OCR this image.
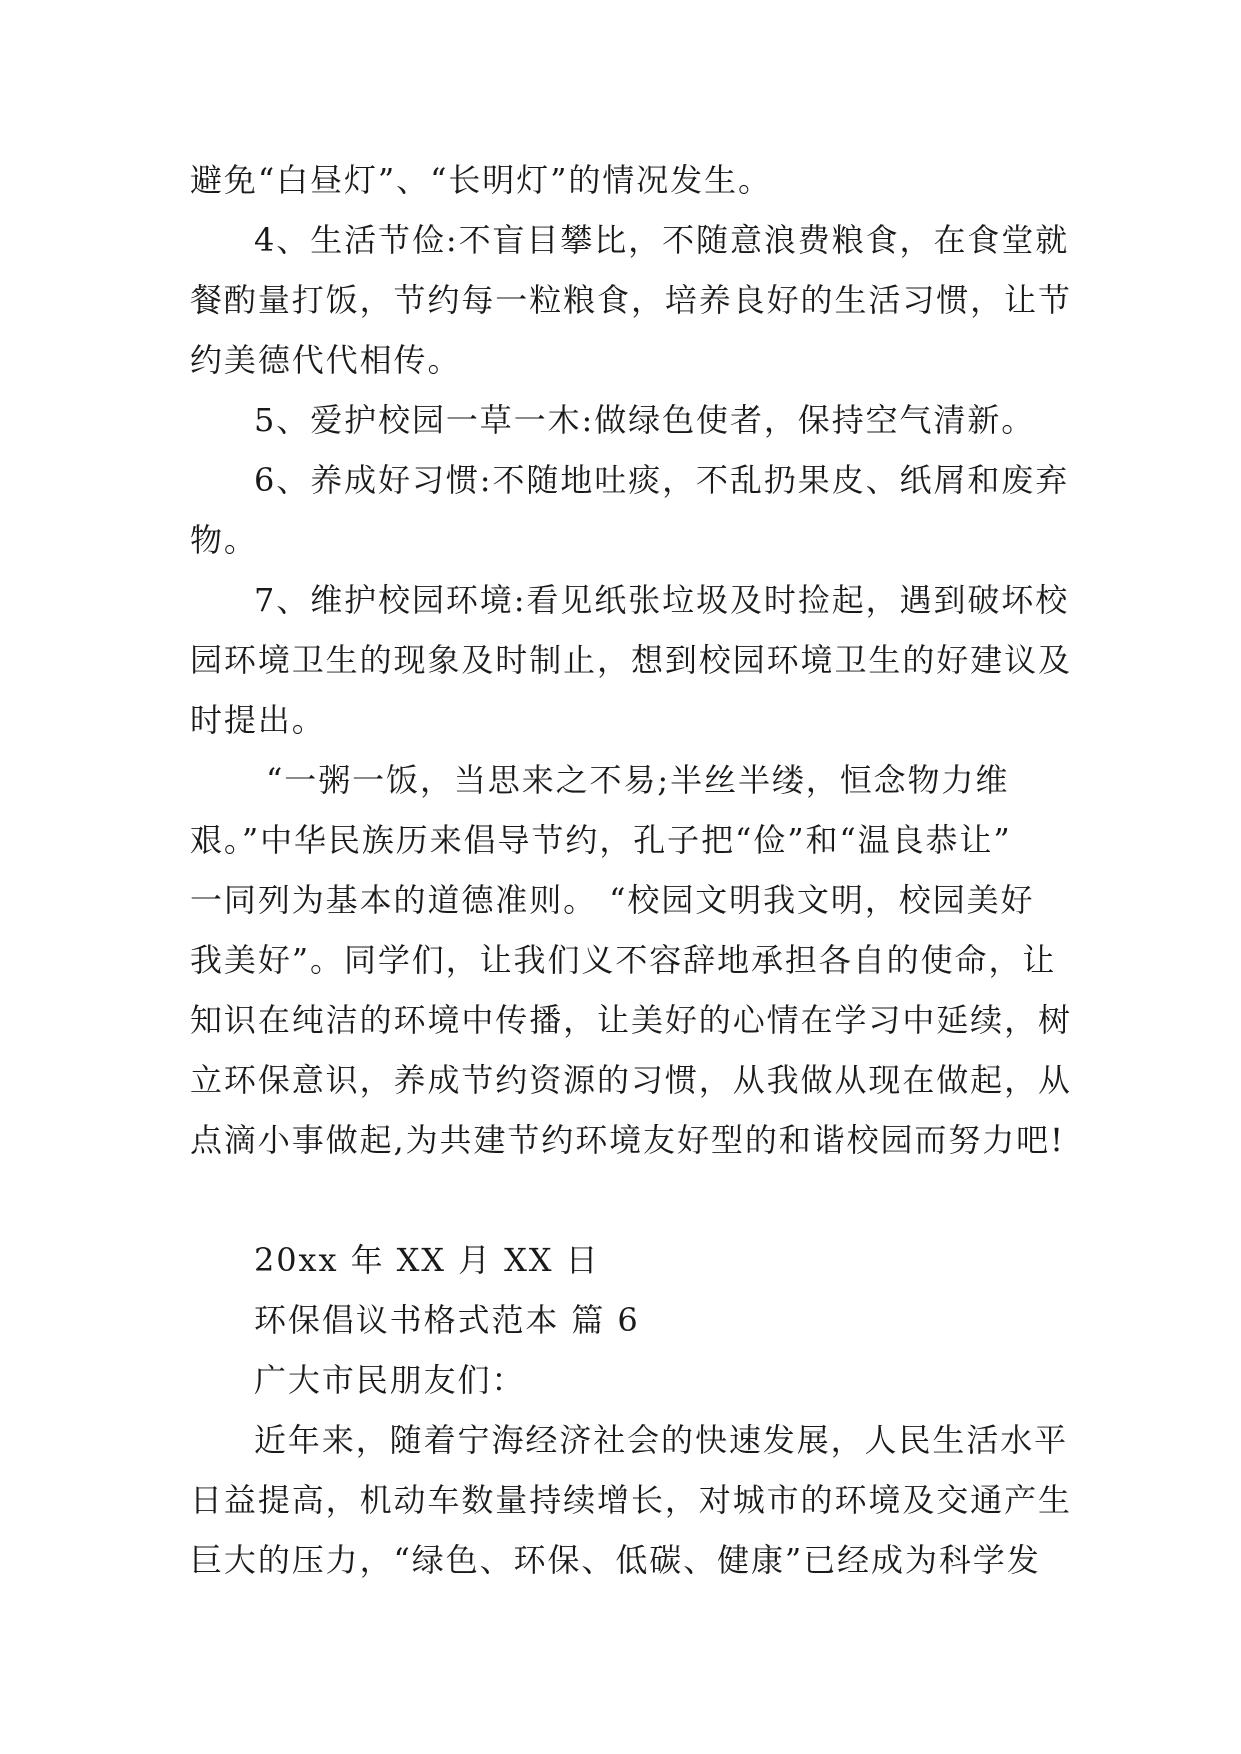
避免“白昼灯”、“长明灯”的情况发生。

4、生活节俭:不盲目攀比，不随意浪费粮食，在食堂就

餐酌量打饭，节约每一粒粮食，培养良好的生活习惯，让节

约美德代代相传。

5、爱护校园一草一木:做绿色使者，保持空气清新。

6、养成好习惯:不随地吐痰，不乱扔果皮、纸屑和废弃

物。

7、维护校园环境:看见纸张垃圾及时捡起，遇到破坏校

园环境卫生的现象及时制止，想到校园环境卫生的好建议及

时提出。

“一粥一饭，当思来之不易;半丝半缕，恒念物力维

艰。”中华民族历来倡导节约，孔子把“俭”和“温良恭让”

一同列为基本的道德准则。 “校园文明我文明，校园美好

我美好”。同学们，让我们义不容辞地承担各自的使命，让

知识在纯洁的环境中传播，让美好的心情在学习中延续，树

立环保意识，养成节约资源的习惯，从我做从现在做起，从

点滴小事做起,为共建节约环境友好型的和谐校园而努力吧!

20xx 年 XX 月 XX 日

环保倡议书格式范本 篇 6

广大市民朋友们：

近年来，随着宁海经济社会的快速发展，人民生活水平

日益提高，机动车数量持续增长，对城市的环境及交通产生

巨大的压力，“绿色、环保、低碳、健康”已经成为科学发
